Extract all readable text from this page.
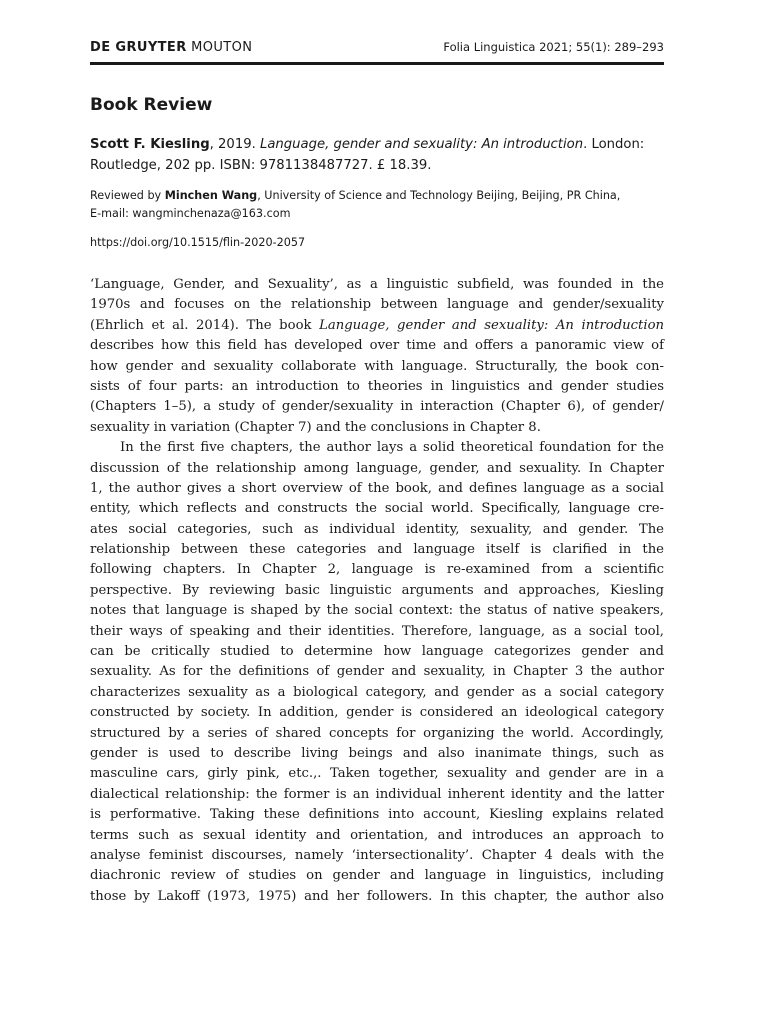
DE GRUYTER MOUTON	Folia Linguistica 2021; 55(1): 289–293
Book Review
Scott F. Kiesling, 2019. Language, gender and sexuality: An introduction. London:
Routledge, 202 pp. ISBN: 9781138487727. £ 18.39.
Reviewed by Minchen Wang, University of Science and Technology Beijing, Beijing, PR China,
E-mail: wangminchenaza@163.com
https://doi.org/10.1515/flin-2020-2057
‘Language, Gender, and Sexuality’, as a linguistic subfield, was founded in the
1970s and focuses on the relationship between language and gender/sexuality
(Ehrlich et al. 2014). The book Language, gender and sexuality: An introduction
describes how this field has developed over time and offers a panoramic view of
how gender and sexuality collaborate with language. Structurally, the book con-
sists of four parts: an introduction to theories in linguistics and gender studies
(Chapters 1–5), a study of gender/sexuality in interaction (Chapter 6), of gender/
sexuality in variation (Chapter 7) and the conclusions in Chapter 8.
In the first five chapters, the author lays a solid theoretical foundation for the
discussion of the relationship among language, gender, and sexuality. In Chapter
1, the author gives a short overview of the book, and defines language as a social
entity, which reflects and constructs the social world. Specifically, language cre-
ates social categories, such as individual identity, sexuality, and gender. The
relationship between these categories and language itself is clarified in the
following chapters. In Chapter 2, language is re-examined from a scientific
perspective. By reviewing basic linguistic arguments and approaches, Kiesling
notes that language is shaped by the social context: the status of native speakers,
their ways of speaking and their identities. Therefore, language, as a social tool,
can be critically studied to determine how language categorizes gender and
sexuality. As for the definitions of gender and sexuality, in Chapter 3 the author
characterizes sexuality as a biological category, and gender as a social category
constructed by society. In addition, gender is considered an ideological category
structured by a series of shared concepts for organizing the world. Accordingly,
gender is used to describe living beings and also inanimate things, such as
masculine cars, girly pink, etc.,. Taken together, sexuality and gender are in a
dialectical relationship: the former is an individual inherent identity and the latter
is performative. Taking these definitions into account, Kiesling explains related
terms such as sexual identity and orientation, and introduces an approach to
analyse feminist discourses, namely ‘intersectionality’. Chapter 4 deals with the
diachronic review of studies on gender and language in linguistics, including
those by Lakoff (1973, 1975) and her followers. In this chapter, the author also
